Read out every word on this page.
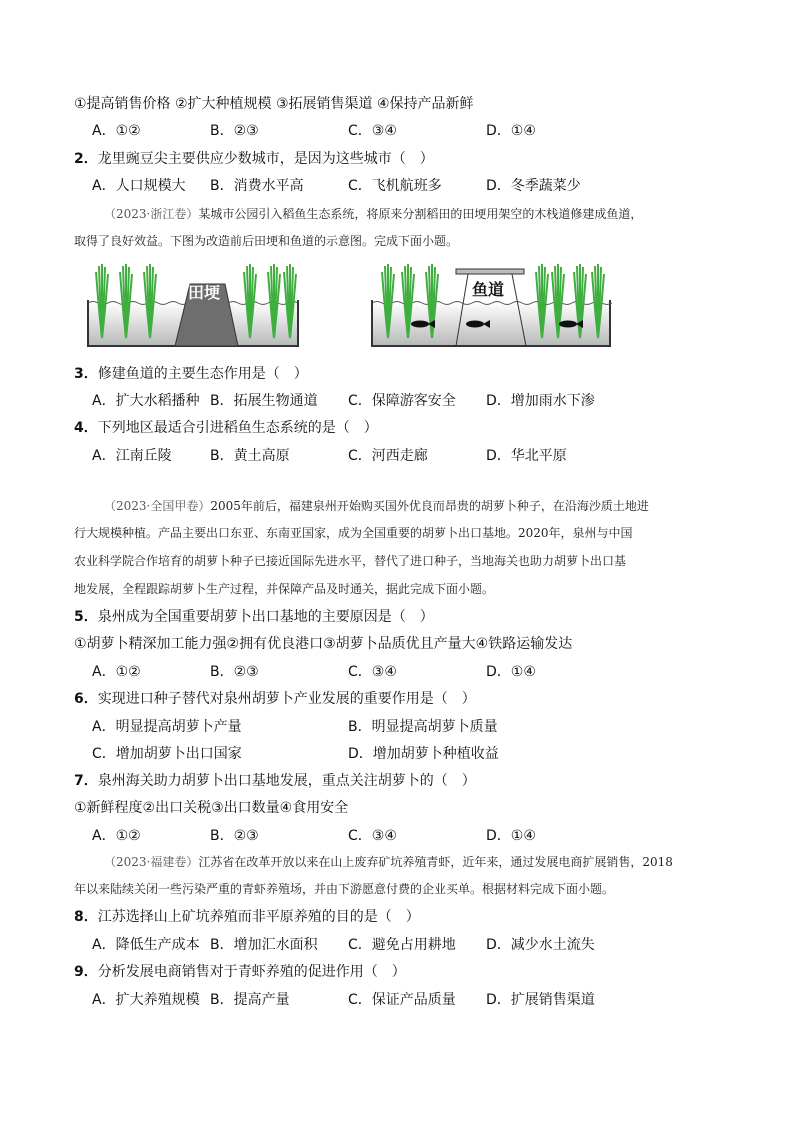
①提高销售价格 ②扩大种植规模 ③拓展销售渠道 ④保持产品新鲜
A．①②	B．②③	C．③④	D．①④
2．龙里豌豆尖主要供应少数城市，是因为这些城市（　）
A．人口规模大 B．消费水平高	C．飞机航班多	D．冬季蔬菜少
（2023·浙江卷）某城市公园引入稻鱼生态系统，将原来分割稻田的田埂用架空的木栈道修建成鱼道，
取得了良好效益。下图为改造前后田埂和鱼道的示意图。完成下面小题。
田埂	鱼道
3．修建鱼道的主要生态作用是（　）
A．扩大水稻播种 B．拓展生物通道 C．保障游客安全 D．增加雨水下渗
4．下列地区最适合引进稻鱼生态系统的是（　）
A．江南丘陵	B．黄土高原	C．河西走廊	D．华北平原
（2023·全国甲卷）2005年前后，福建泉州开始购买国外优良而昂贵的胡萝卜种子，在沿海沙质土地进
行大规模种植。产品主要出口东亚、东南亚国家，成为全国重要的胡萝卜出口基地。2020年，泉州与中国
农业科学院合作培育的胡萝卜种子已接近国际先进水平，替代了进口种子，当地海关也助力胡萝卜出口基
地发展，全程跟踪胡萝卜生产过程，并保障产品及时通关，据此完成下面小题。
5．泉州成为全国重要胡萝卜出口基地的主要原因是（　）
①胡萝卜精深加工能力强②拥有优良港口③胡萝卜品质优且产量大④铁路运输发达
A．①②	B．②③	C．③④	D．①④
6．实现进口种子替代对泉州胡萝卜产业发展的重要作用是（　）
A．明显提高胡萝卜产量	B．明显提高胡萝卜质量
C．增加胡萝卜出口国家	D．增加胡萝卜种植收益
7．泉州海关助力胡萝卜出口基地发展，重点关注胡萝卜的（　）
①新鲜程度②出口关税③出口数量④食用安全
A．①②	B．②③	C．③④	D．①④
（2023·福建卷）江苏省在改革开放以来在山上废弃矿坑养殖青虾，近年来，通过发展电商扩展销售，2018
年以来陆续关闭一些污染严重的青虾养殖场，并由下游愿意付费的企业买单。根据材料完成下面小题。
8．江苏选择山上矿坑养殖而非平原养殖的目的是（　）
A．降低生产成本 B．增加汇水面积 C．避免占用耕地 D．减少水土流失
9．分析发展电商销售对于青虾养殖的促进作用（　）
A．扩大养殖规模 B．提高产量	C．保证产品质量 D．扩展销售渠道
